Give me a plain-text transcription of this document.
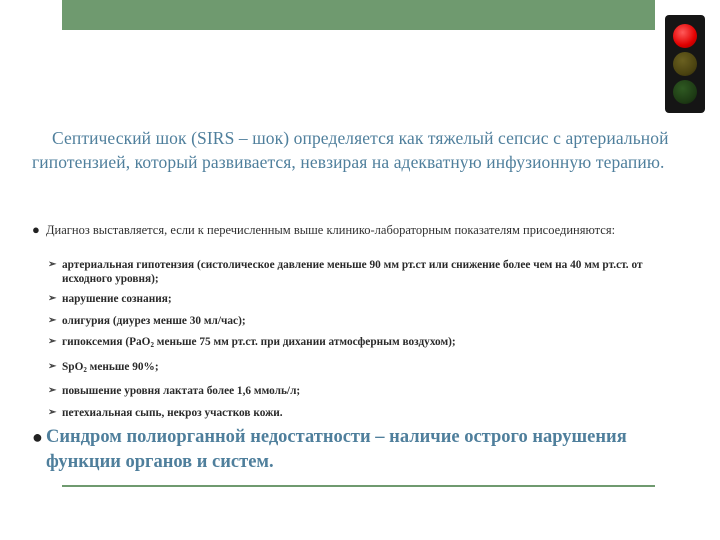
Септический шок (SIRS – шок) определяется как тяжелый сепсис с артериальной гипотензией, который развивается, невзирая на адекватную инфузионную терапию.
● Диагноз выставляется, если к перечисленным выше клинико-лабораторным показателям присоединяются:
➢ артериальная гипотензия (систолическое давление меньше 90 мм рт.ст или снижение более чем на 40 мм рт.ст. от исходного уровня);
➢ нарушение сознания;
➢ олигурия (диурез менше 30 мл/час);
➢ гипоксемия (РаО$_2$ меньше 75 мм рт.ст. при дихании атмосферным воздухом);
➢ SpO$_2$ меньше 90%;
➢ повышение уровня лактата более 1,6 ммоль/л;
➢ петехиальная сыпь, некроз участков кожи.
● Синдром полиорганной недостатности – наличие острого нарушения функции органов и систем.
